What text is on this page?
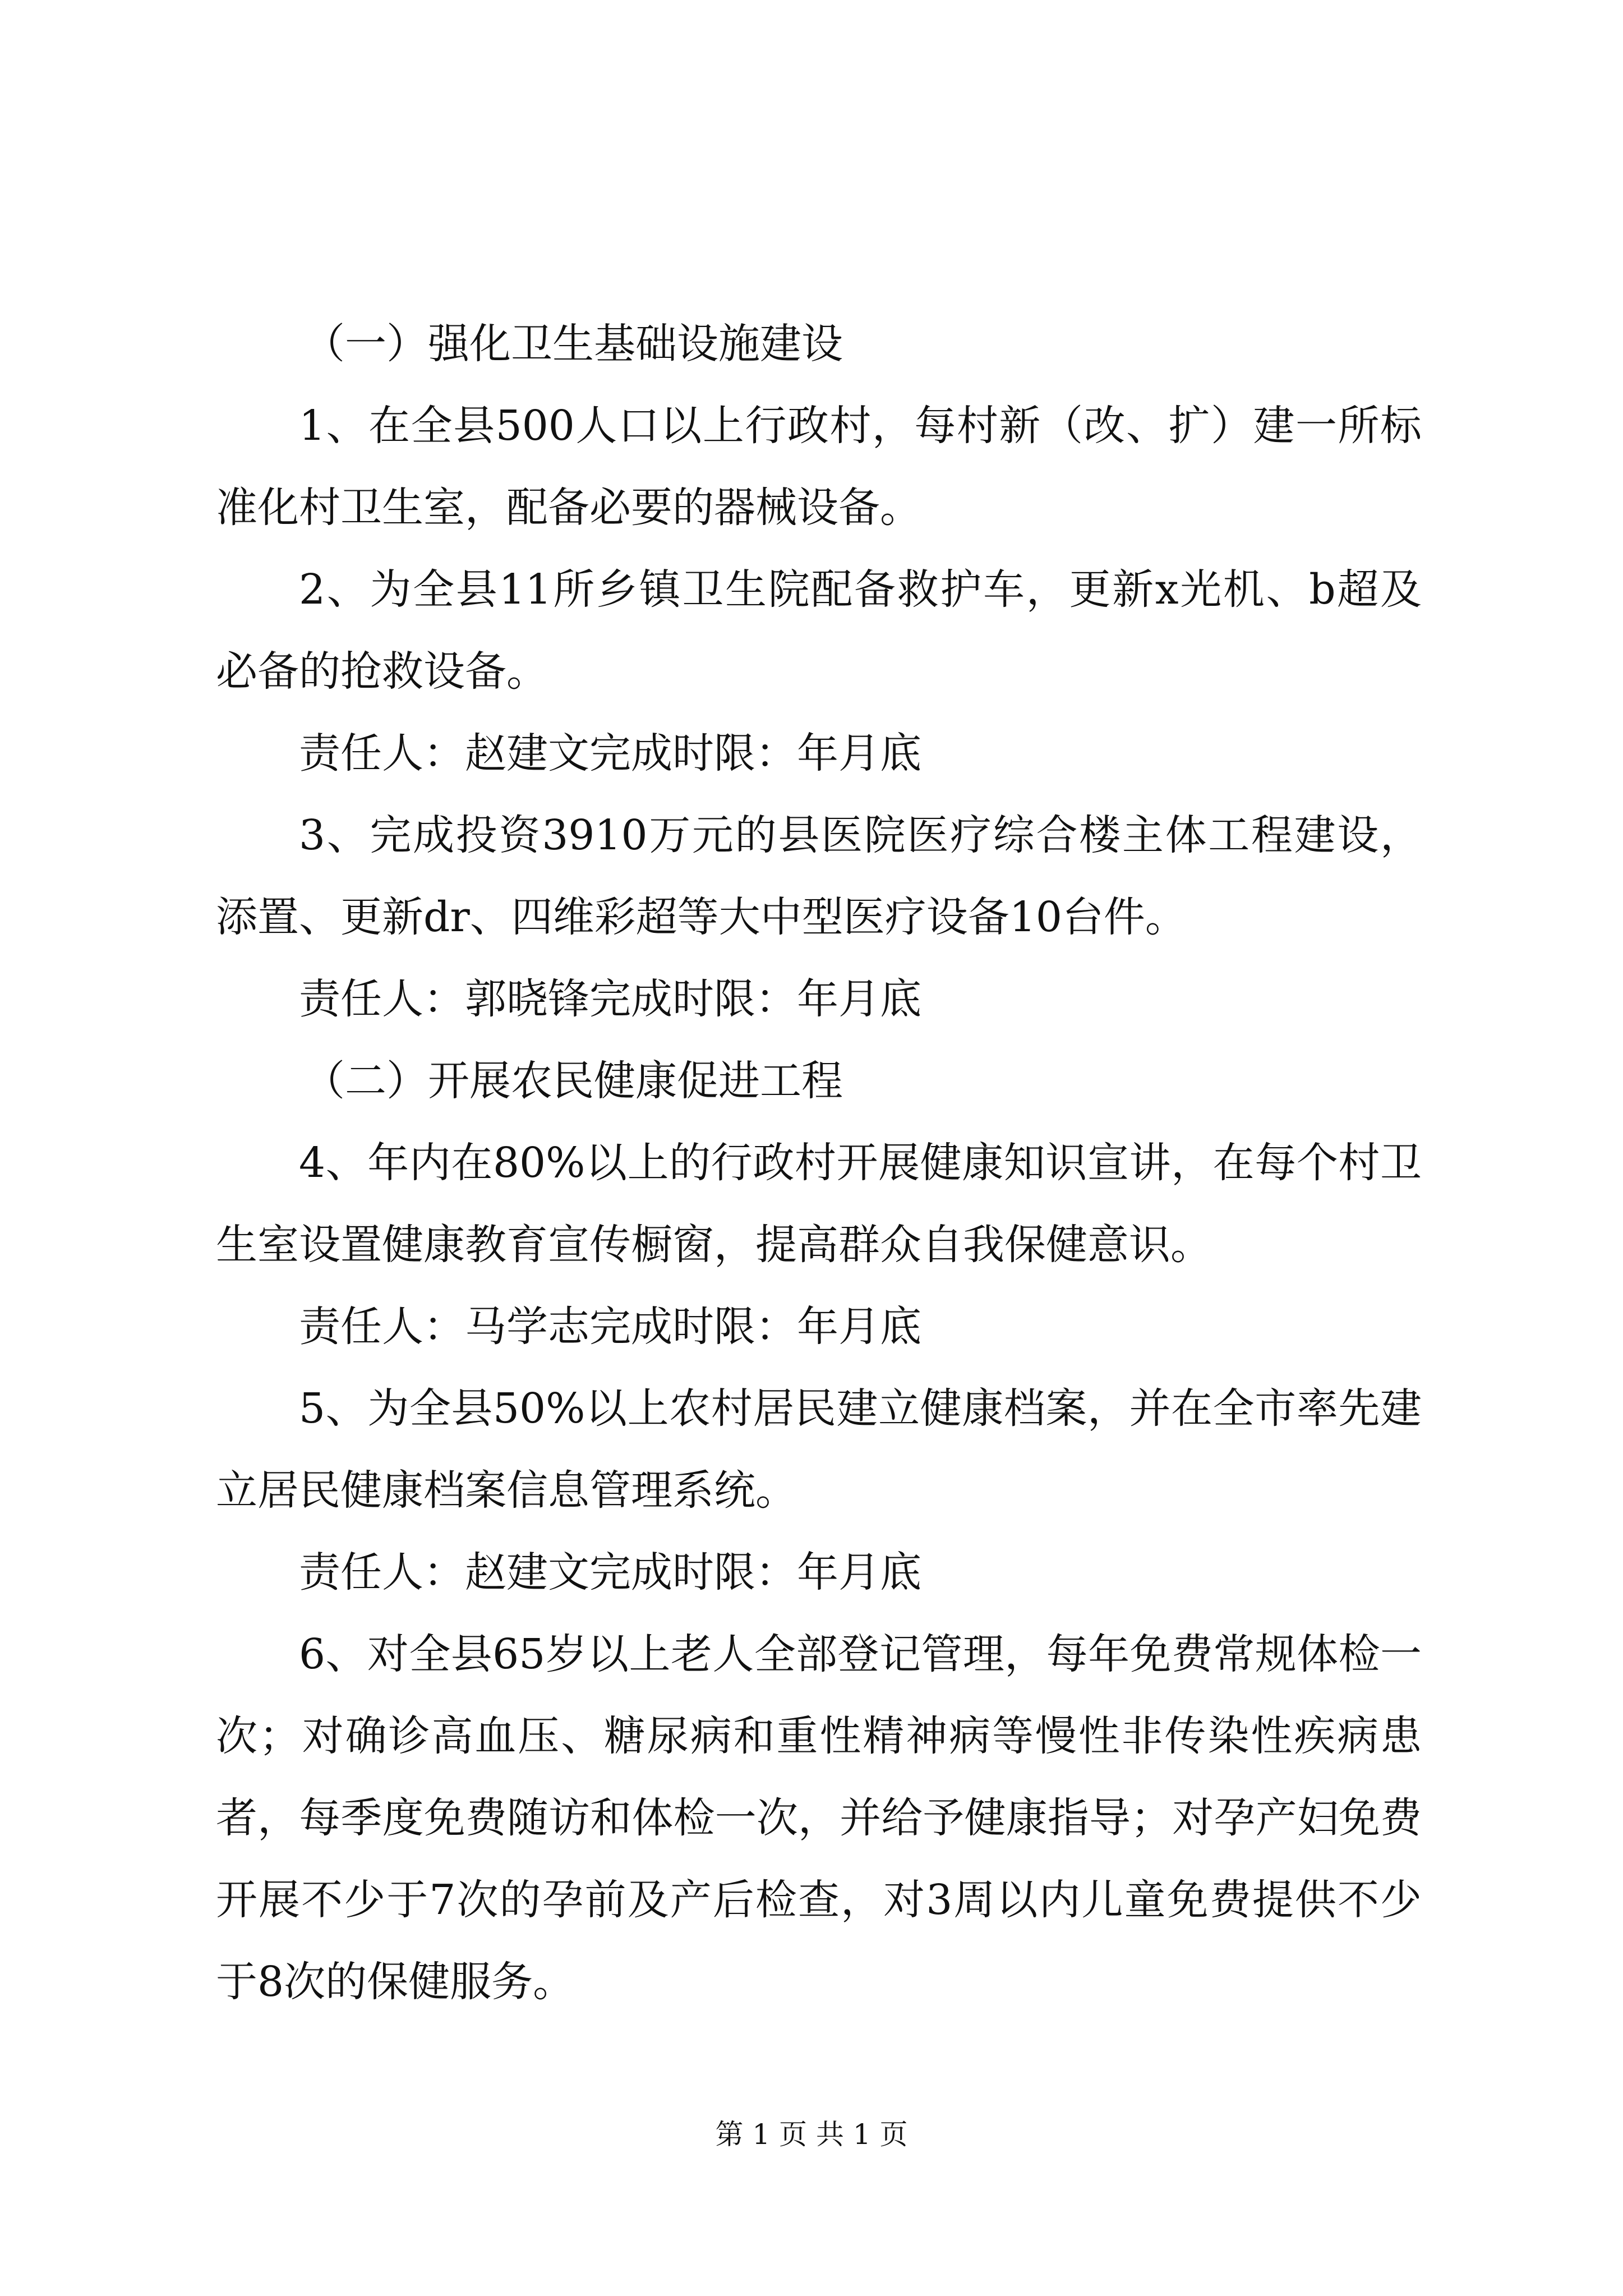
（一）强化卫生基础设施建设

1、在全县500人口以上行政村，每村新（改、扩）建一所标准化村卫生室，配备必要的器械设备。

2、为全县11所乡镇卫生院配备救护车，更新x光机、b超及必备的抢救设备。

责任人：赵建文完成时限：年月底

3、完成投资3910万元的县医院医疗综合楼主体工程建设，添置、更新dr、四维彩超等大中型医疗设备10台件。

责任人：郭晓锋完成时限：年月底

（二）开展农民健康促进工程

4、年内在80%以上的行政村开展健康知识宣讲，在每个村卫生室设置健康教育宣传橱窗，提高群众自我保健意识。

责任人：马学志完成时限：年月底

5、为全县50%以上农村居民建立健康档案，并在全市率先建立居民健康档案信息管理系统。

责任人：赵建文完成时限：年月底

6、对全县65岁以上老人全部登记管理，每年免费常规体检一次；对确诊高血压、糖尿病和重性精神病等慢性非传染性疾病患者，每季度免费随访和体检一次，并给予健康指导；对孕产妇免费开展不少于7次的孕前及产后检查，对3周以内儿童免费提供不少于8次的保健服务。

第 1 页 共 1 页
